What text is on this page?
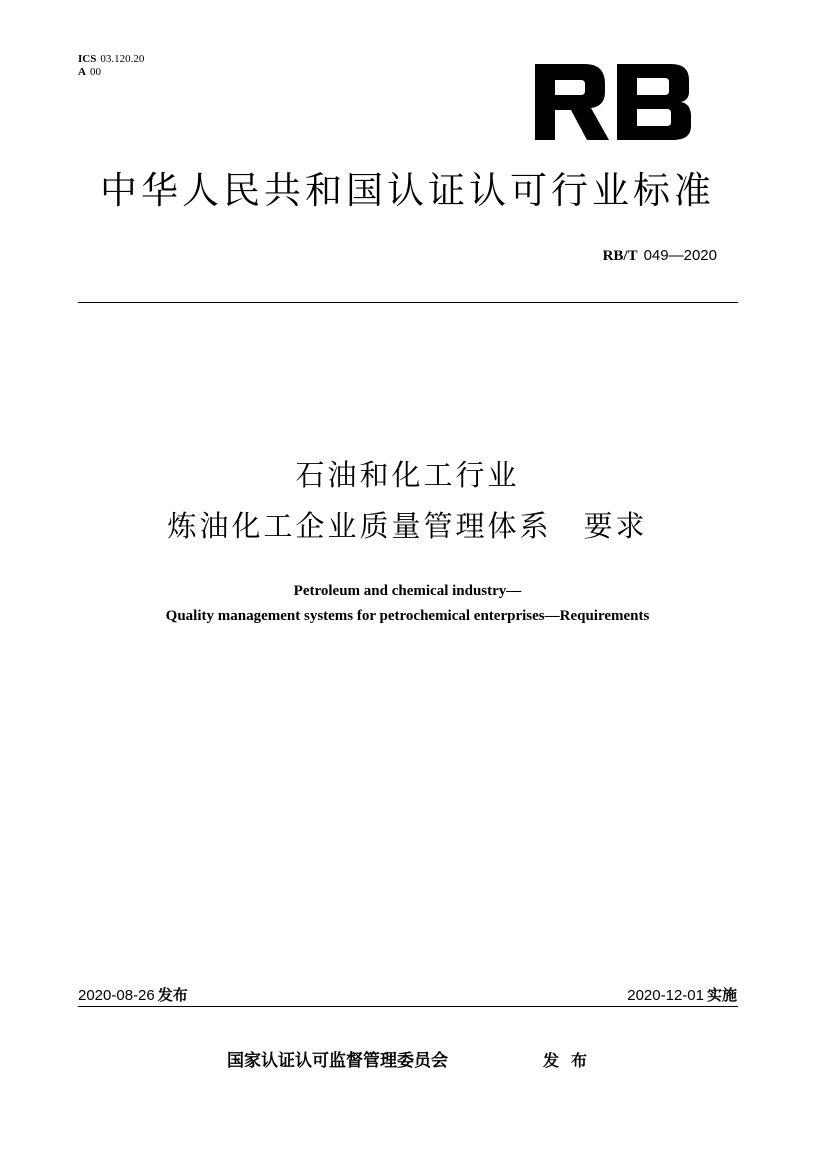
ICS 03.120.20
A 00
中华人民共和国认证认可行业标准
RB/T 049—2020
石油和化工行业
炼油化工企业质量管理体系　要求
Petroleum and chemical industry—
Quality management systems for petrochemical enterprises—Requirements
2020-08-26 发布	2020-12-01 实施
国家认证认可监督管理委员会	发布
